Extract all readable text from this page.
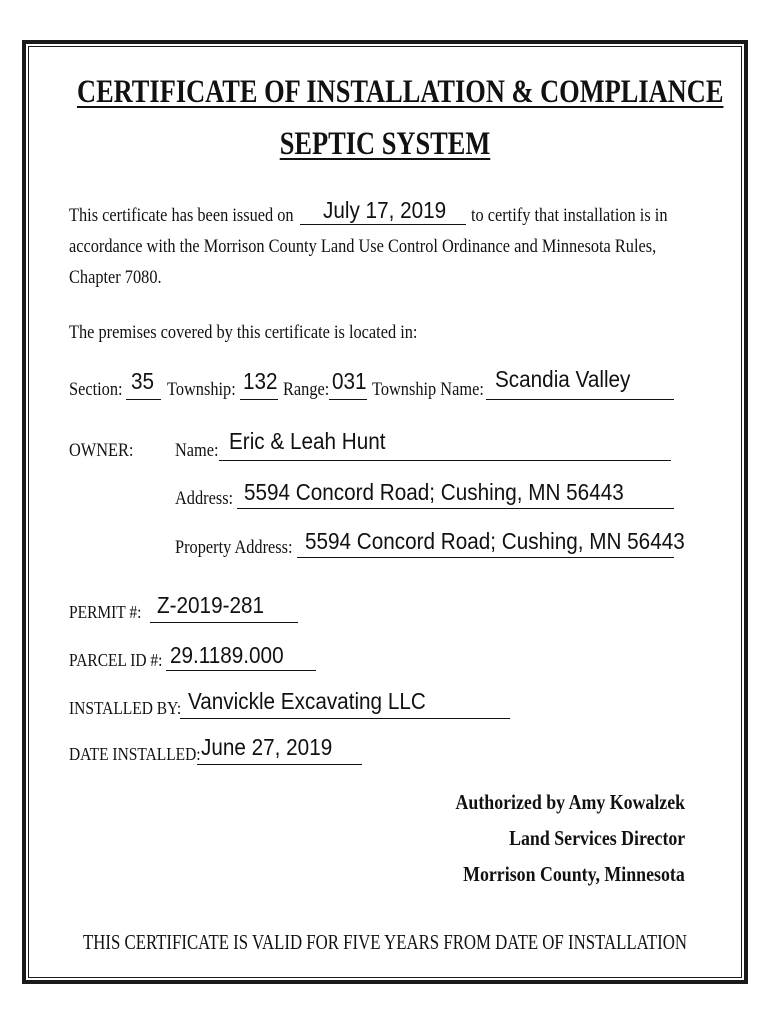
CERTIFICATE OF INSTALLATION & COMPLIANCE
SEPTIC SYSTEM
This certificate has been issued on July 17, 2019 to certify that installation is in
accordance with the Morrison County Land Use Control Ordinance and Minnesota Rules,
Chapter 7080.
The premises covered by this certificate is located in:
Section: 35 Township: 132 Range: 031 Township Name: Scandia Valley
OWNER: Name: Eric & Leah Hunt
Address: 5594 Concord Road; Cushing, MN 56443
Property Address: 5594 Concord Road; Cushing, MN 56443
PERMIT #: Z-2019-281
PARCEL ID #: 29.1189.000
INSTALLED BY: Vanvickle Excavating LLC
DATE INSTALLED: June 27, 2019
Authorized by Amy Kowalzek
Land Services Director
Morrison County, Minnesota
THIS CERTIFICATE IS VALID FOR FIVE YEARS FROM DATE OF INSTALLATION
